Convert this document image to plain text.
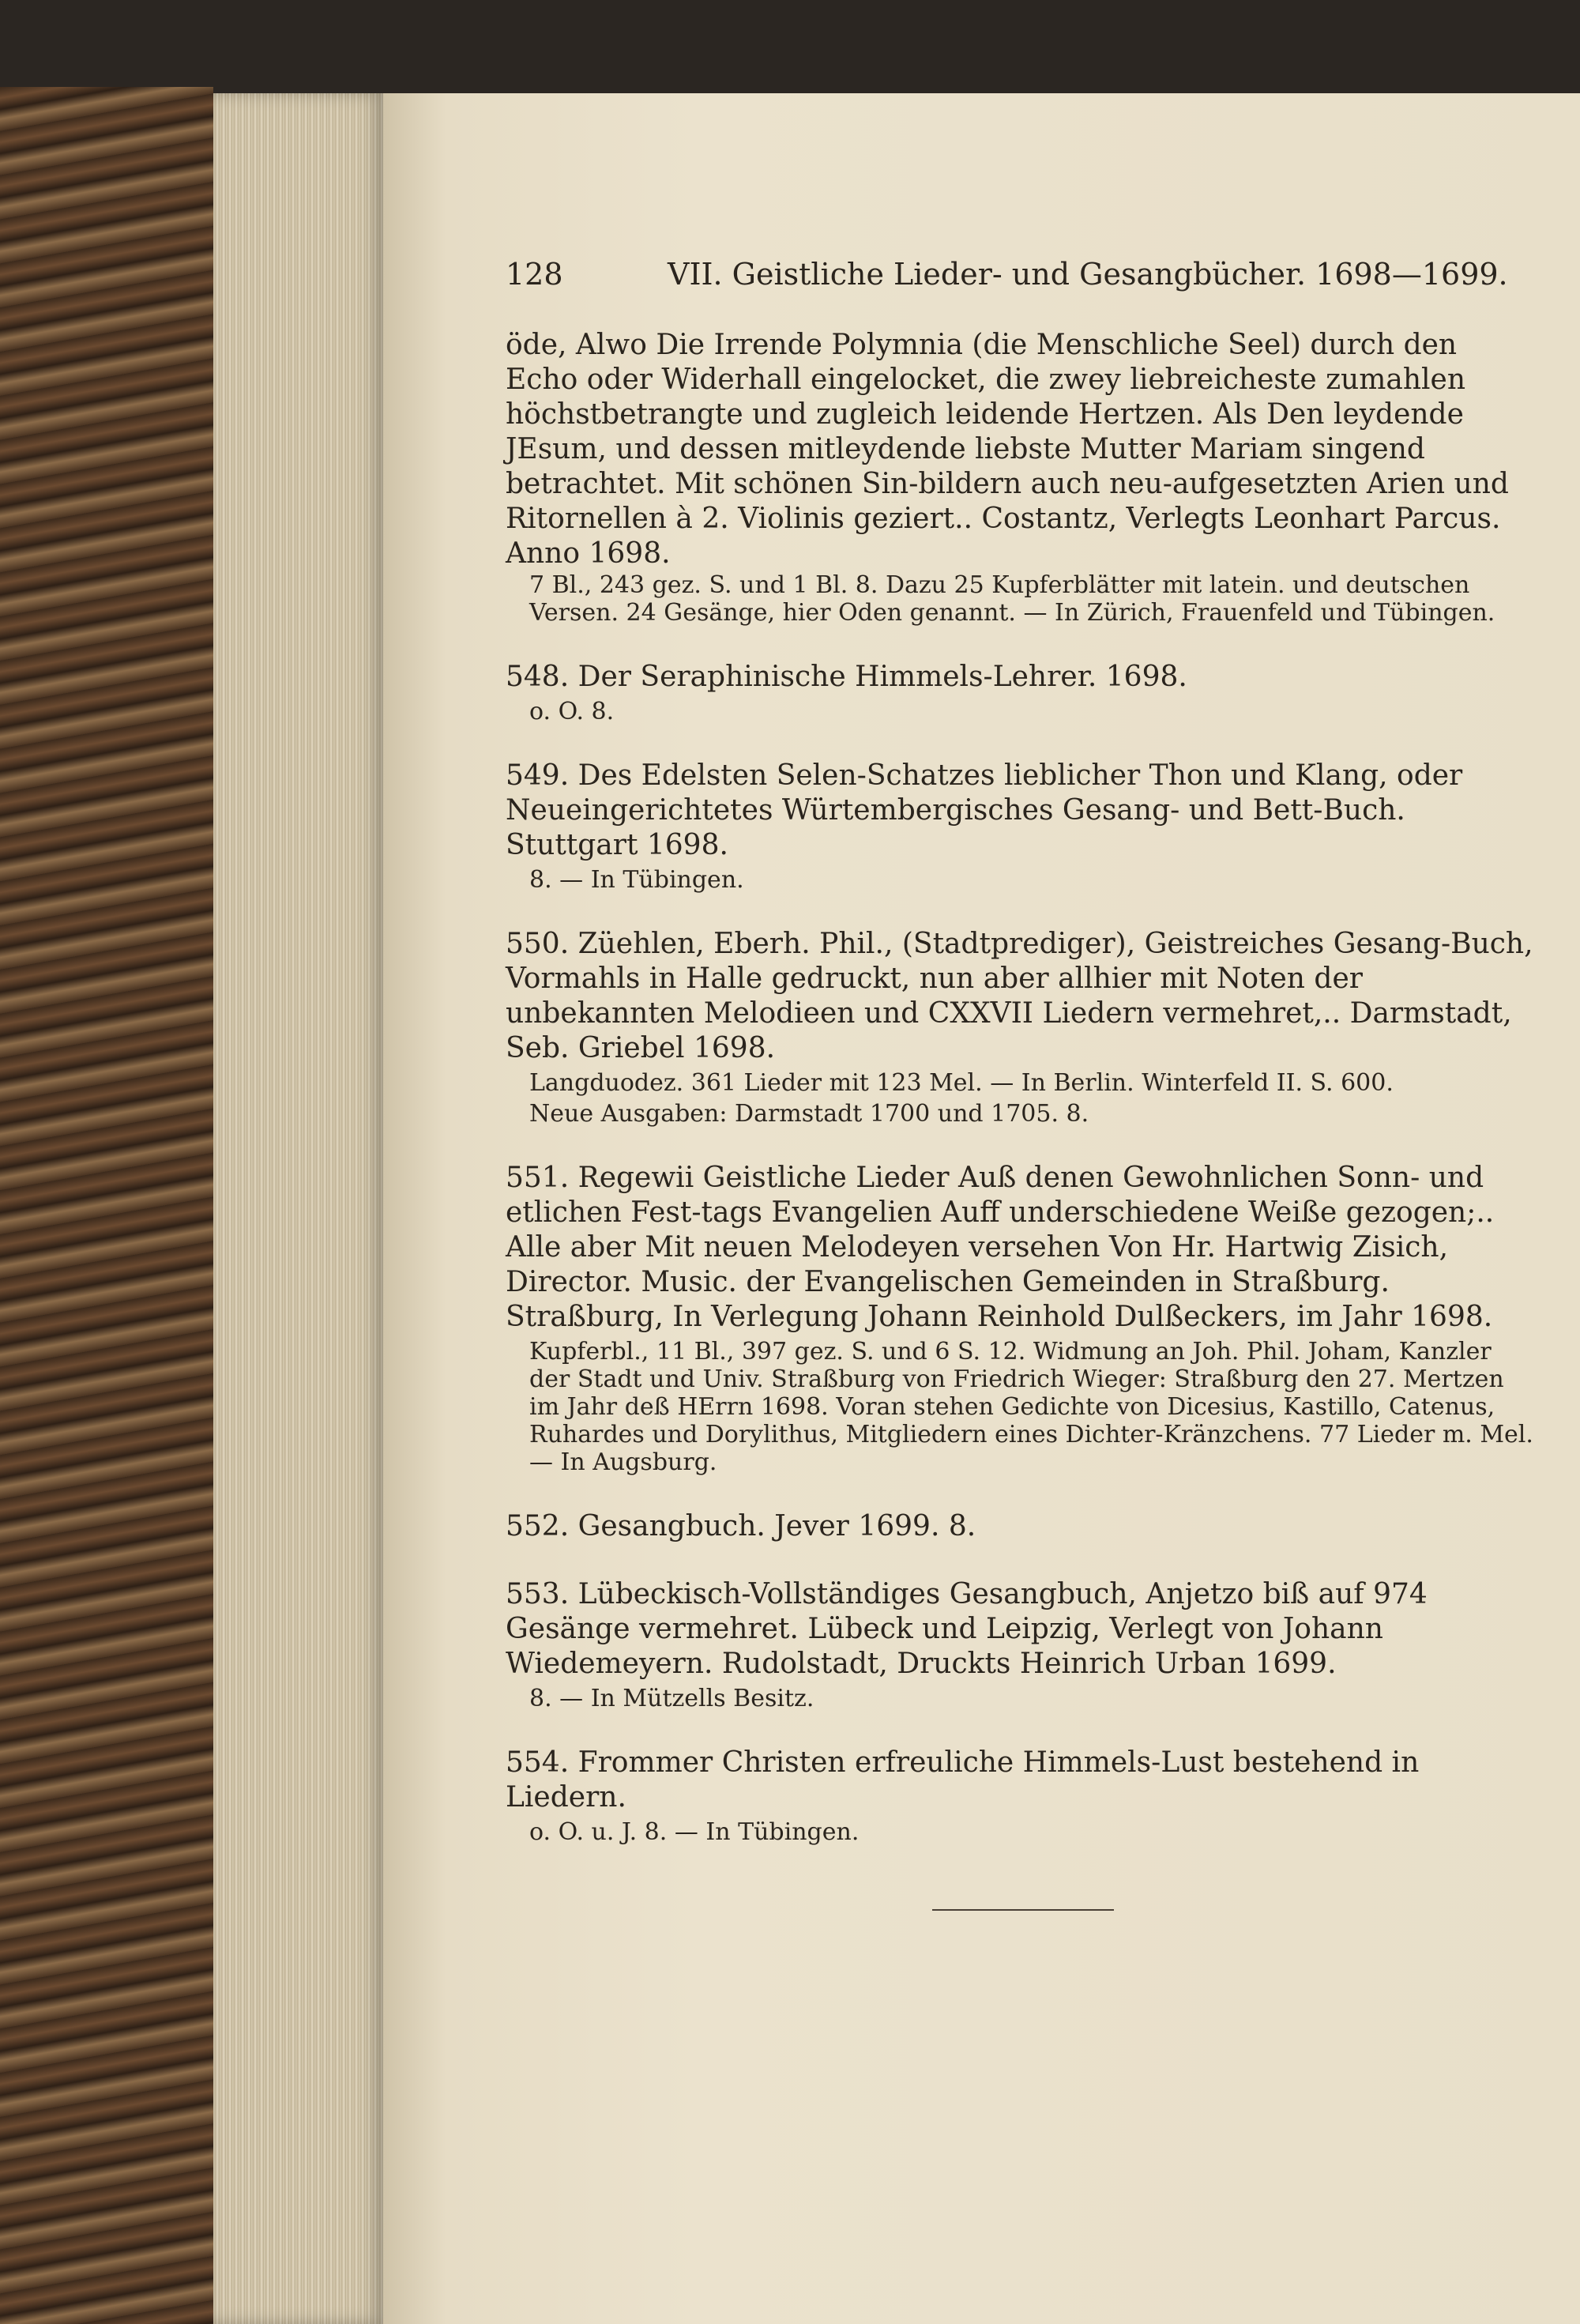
128	VII. Geistliche Lieder- und Gesangbücher. 1698—1699.
öde, Alwo Die Irrende Polymnia (die Menschliche Seel) durch den Echo oder Widerhall eingelocket, die zwey liebreicheste zumahlen höchstbetrangte und zugleich leidende Hertzen. Als Den leydende JEsum, und dessen mitleydende liebste Mutter Mariam singend betrachtet. Mit schönen Sin-bildern auch neu-aufgesetzten Arien und Ritornellen à 2. Violinis geziert.. Costantz, Verlegts Leonhart Parcus. Anno 1698.
7 Bl., 243 gez. S. und 1 Bl. 8. Dazu 25 Kupferblätter mit latein. und deutschen Versen. 24 Gesänge, hier Oden genannt. — In Zürich, Frauenfeld und Tübingen.
548. Der Seraphinische Himmels-Lehrer. 1698.
o. O. 8.
549. Des Edelsten Selen-Schatzes lieblicher Thon und Klang, oder Neueingerichtetes Würtembergisches Gesang- und Bett-Buch. Stuttgart 1698.
8. — In Tübingen.
550. Züehlen, Eberh. Phil., (Stadtprediger), Geistreiches Gesang-Buch, Vormahls in Halle gedruckt, nun aber allhier mit Noten der unbekannten Melodieen und CXXVII Liedern vermehret,.. Darmstadt, Seb. Griebel 1698.
Langduodez. 361 Lieder mit 123 Mel. — In Berlin. Winterfeld II. S. 600.
Neue Ausgaben: Darmstadt 1700 und 1705. 8.
551. Regewii Geistliche Lieder Auß denen Gewohnlichen Sonn- und etlichen Fest-tags Evangelien Auff underschiedene Weiße gezogen;.. Alle aber Mit neuen Melodeyen versehen Von Hr. Hartwig Zisich, Director. Music. der Evangelischen Gemeinden in Straßburg. Straßburg, In Verlegung Johann Reinhold Dulßeckers, im Jahr 1698.
Kupferbl., 11 Bl., 397 gez. S. und 6 S. 12. Widmung an Joh. Phil. Joham, Kanzler der Stadt und Univ. Straßburg von Friedrich Wieger: Straßburg den 27. Mertzen im Jahr deß HErrn 1698. Voran stehen Gedichte von Dicesius, Kastillo, Catenus, Ruhardes und Dorylithus, Mitgliedern eines Dichter-Kränzchens. 77 Lieder m. Mel. — In Augsburg.
552. Gesangbuch. Jever 1699. 8.
553. Lübeckisch-Vollständiges Gesangbuch, Anjetzo biß auf 974 Gesänge vermehret. Lübeck und Leipzig, Verlegt von Johann Wiedemeyern. Rudolstadt, Druckts Heinrich Urban 1699.
8. — In Mützells Besitz.
554. Frommer Christen erfreuliche Himmels-Lust bestehend in Liedern.
o. O. u. J. 8. — In Tübingen.
